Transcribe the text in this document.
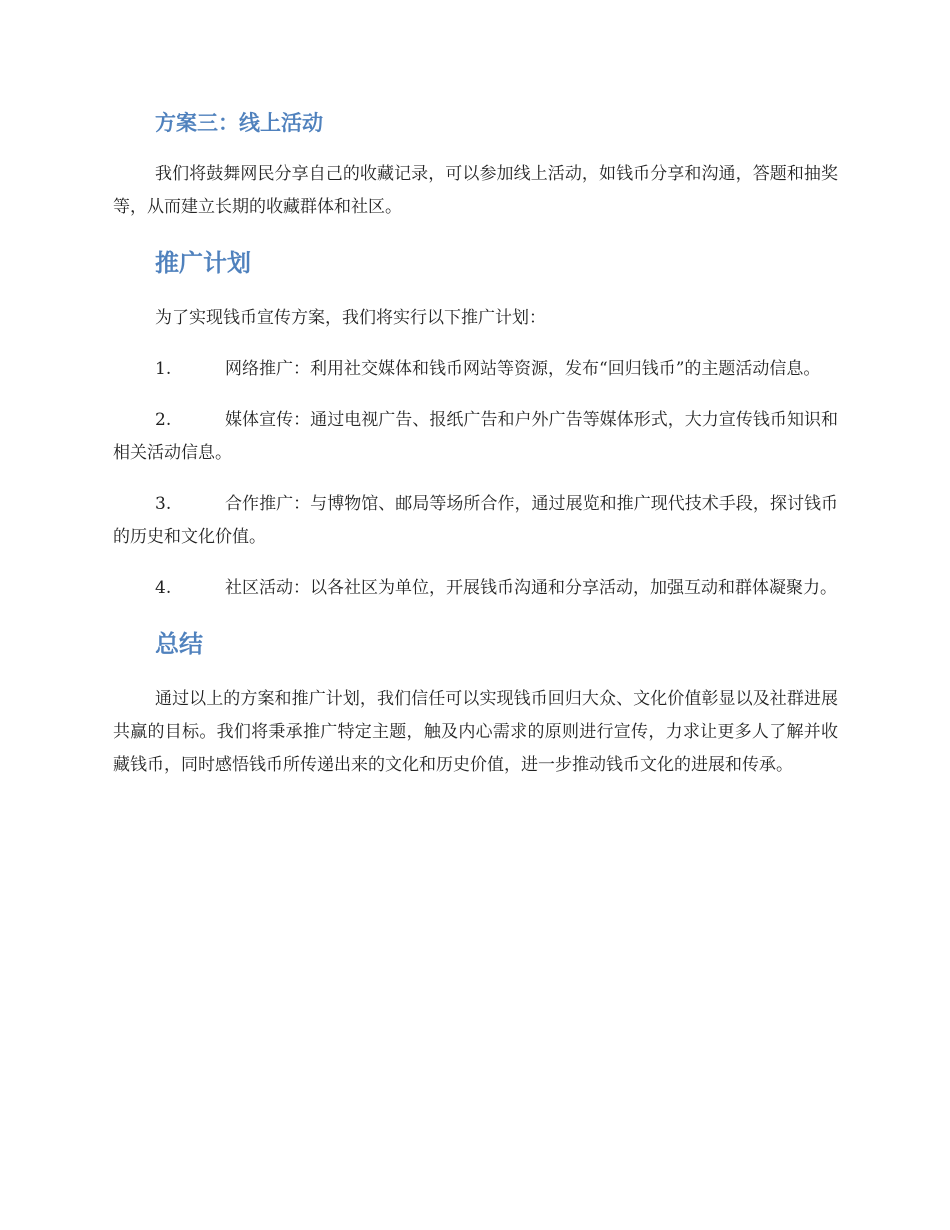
方案三：线上活动

我们将鼓舞网民分享自己的收藏记录，可以参加线上活动，如钱币分享和沟通，答题和抽奖等，从而建立长期的收藏群体和社区。

推广计划

为了实现钱币宣传方案，我们将实行以下推广计划：

1.	网络推广：利用社交媒体和钱币网站等资源，发布“回归钱币”的主题活动信息。

2.	媒体宣传：通过电视广告、报纸广告和户外广告等媒体形式，大力宣传钱币知识和相关活动信息。

3.	合作推广：与博物馆、邮局等场所合作，通过展览和推广现代技术手段，探讨钱币的历史和文化价值。

4.	社区活动：以各社区为单位，开展钱币沟通和分享活动，加强互动和群体凝聚力。

总结

通过以上的方案和推广计划，我们信任可以实现钱币回归大众、文化价值彰显以及社群进展共赢的目标。我们将秉承推广特定主题，触及内心需求的原则进行宣传，力求让更多人了解并收藏钱币，同时感悟钱币所传递出来的文化和历史价值，进一步推动钱币文化的进展和传承。
